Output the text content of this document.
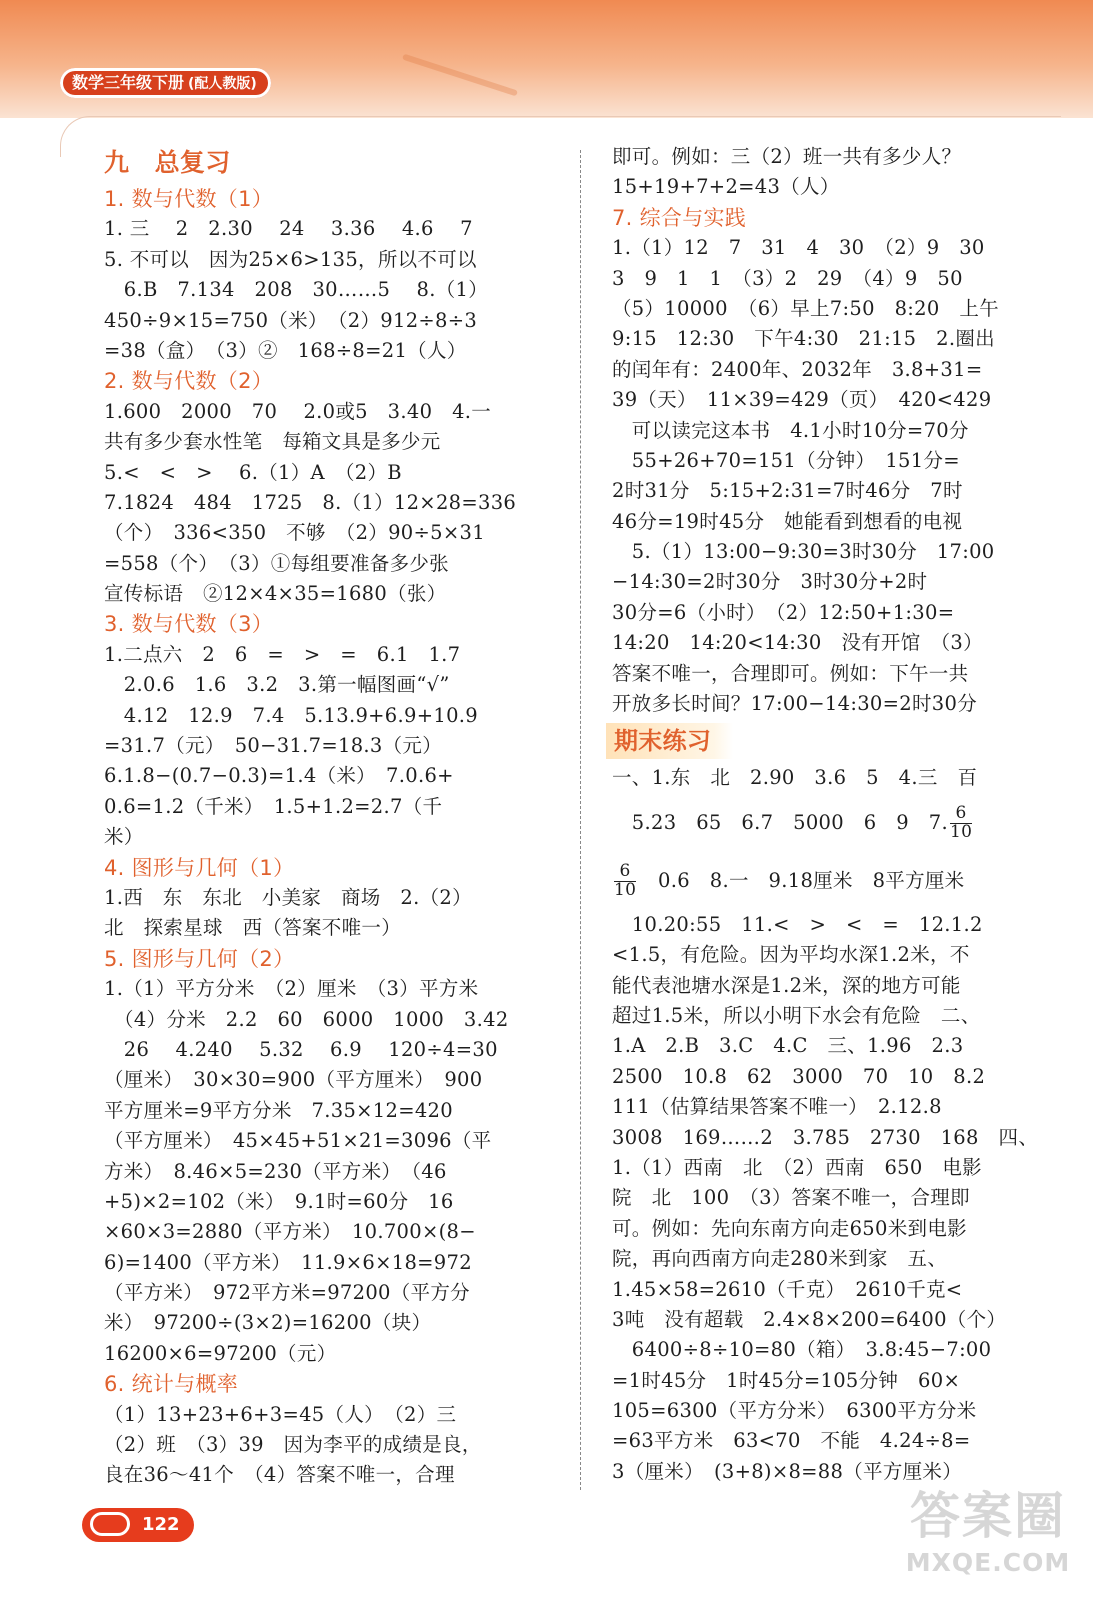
数学三年级下册 (配人教版)

九　总复习

1. 数与代数（1）

1. 三　 2　2.30　 24　 3.36　 4.6　 7

5. 不可以　因为25×6>135，所以不可以

　6.B　7.134　208　30……5　 8.（1）

450÷9×15=750（米）　（2）912÷8÷3

=38（盒）　（3）②　168÷8=21（人）

2. 数与代数（2）

1.600　2000　70　 2.0或5　3.40　4.一

共有多少套水性笔　每箱文具是多少元

5.<　<　>　 6.（1）A　（2）B

7.1824　484　1725　8.（1）12×28=336

（个）　336<350　不够　（2）90÷5×31

=558（个）　（3）①每组要准备多少张

宣传标语　②12×4×35=1680（张）

3. 数与代数（3）

1.二点六　2　6　=　>　=　6.1　1.7

　2.0.6　1.6　3.2　3.第一幅图画“√”

　4.12　12.9　7.4　5.13.9+6.9+10.9

=31.7（元）　50−31.7=18.3（元）

6.1.8−(0.7−0.3)=1.4（米）　7.0.6+

0.6=1.2（千米）　1.5+1.2=2.7（千

米）

4. 图形与几何（1）

1.西　东　东北　小美家　商场　2.（2）

北　探索星球　西（答案不唯一）

5. 图形与几何（2）

1.（1）平方分米　（2）厘米　（3）平方米

　（4）分米　2.2　60　6000　1000　3.42

　26　 4.240　 5.32　 6.9　 120÷4=30

（厘米）　30×30=900（平方厘米）　900

平方厘米=9平方分米　7.35×12=420

（平方厘米）　45×45+51×21=3096（平

方米）　8.46×5=230（平方米）　（46

+5)×2=102（米）　9.1时=60分　16

×60×3=2880（平方米）　10.700×(8−

6)=1400（平方米）　11.9×6×18=972

（平方米）　972平方米=97200（平方分

米）　97200÷(3×2)=16200（块）

16200×6=97200（元）

6. 统计与概率

（1）13+23+6+3=45（人）　（2）三

（2）班　（3）39　因为李平的成绩是良，

良在36～41个　（4）答案不唯一，合理

即可。例如：三（2）班一共有多少人？

15+19+7+2=43（人）

7. 综合与实践

1.（1）12　7　31　4　30　（2）9　30

3　9　1　1　（3）2　29　（4）9　50

（5）10000　（6）早上7:50　8:20　上午

9:15　12:30　下午4:30　21:15　2.圈出

的闰年有：2400年、2032年　3.8+31=

39（天）　11×39=429（页）　420<429

　可以读完这本书　4.1小时10分=70分

　55+26+70=151（分钟）　151分=

2时31分　5:15+2:31=7时46分　7时

46分=19时45分　她能看到想看的电视

　5.（1）13:00−9:30=3时30分　17:00

−14:30=2时30分　3时30分+2时

30分=6（小时）　（2）12:50+1:30=

14:20　14:20<14:30　没有开馆　（3）

答案不唯一，合理即可。例如：下午一共

开放多长时间？17:00−14:30=2时30分

期末练习

一、1.东　北　2.90　3.6　5　4.三　百

　5.23　65　6.7　5000　6　9　7. $\frac{6}{10}$

$\frac{6}{10}$ 　0.6　8.一　9.18厘米　8平方厘米

　10.20:55　11.<　>　<　=　12.1.2

<1.5，有危险。因为平均水深1.2米，不

能代表池塘水深是1.2米，深的地方可能

超过1.5米，所以小明下水会有危险　二、

1.A　2.B　3.C　4.C　三、1.96　2.3

2500　10.8　62　3000　70　10　8.2

111（估算结果答案不唯一）　2.12.8

3008　169……2　3.785　2730　168　四、

1.（1）西南　北　（2）西南　650　电影

院　北　100　（3）答案不唯一，合理即

可。例如：先向东南方向走650米到电影

院，再向西南方向走280米到家　五、

1.45×58=2610（千克）　2610千克<

3吨　没有超载　2.4×8×200=6400（个）

　6400÷8÷10=80（箱）　3.8:45−7:00

=1时45分　1时45分=105分钟　60×

105=6300（平方分米）　6300平方分米

=63平方米　63<70　不能　4.24÷8=

3（厘米）　(3+8)×8=88（平方厘米）

122	答案圈
MXQE.COM
